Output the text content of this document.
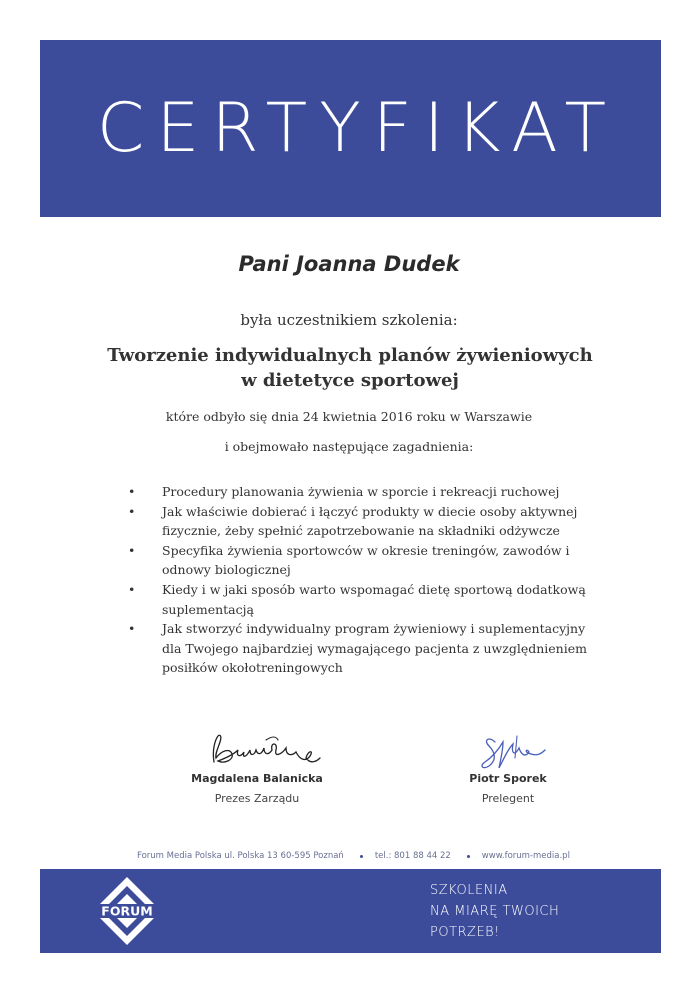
CERTYFIKAT
Pani Joanna Dudek
była uczestnikiem szkolenia:
Tworzenie indywidualnych planów żywieniowych w dietetyce sportowej
które odbyło się dnia 24 kwietnia 2016 roku w Warszawie
i obejmowało następujące zagadnienia:
• Procedury planowania żywienia w sporcie i rekreacji ruchowej
• Jak właściwie dobierać i łączyć produkty w diecie osoby aktywnej fizycznie, żeby spełnić zapotrzebowanie na składniki odżywcze
• Specyfika żywienia sportowców w okresie treningów, zawodów i odnowy biologicznej
• Kiedy i w jaki sposób warto wspomagać dietę sportową dodatkową suplementacją
• Jak stworzyć indywidualny program żywieniowy i suplementacyjny dla Twojego najbardziej wymagającego pacjenta z uwzględnieniem posiłków okołotreningowych
Magdalena Balanicka
Prezes Zarządu
Piotr Sporek
Prelegent
Forum Media Polska ul. Polska 13 60-595 Poznań	tel.: 801 88 44 22	www.forum-media.pl
FORUM
SZKOLENIA
NA MIARĘ TWOICH
POTRZEB!
